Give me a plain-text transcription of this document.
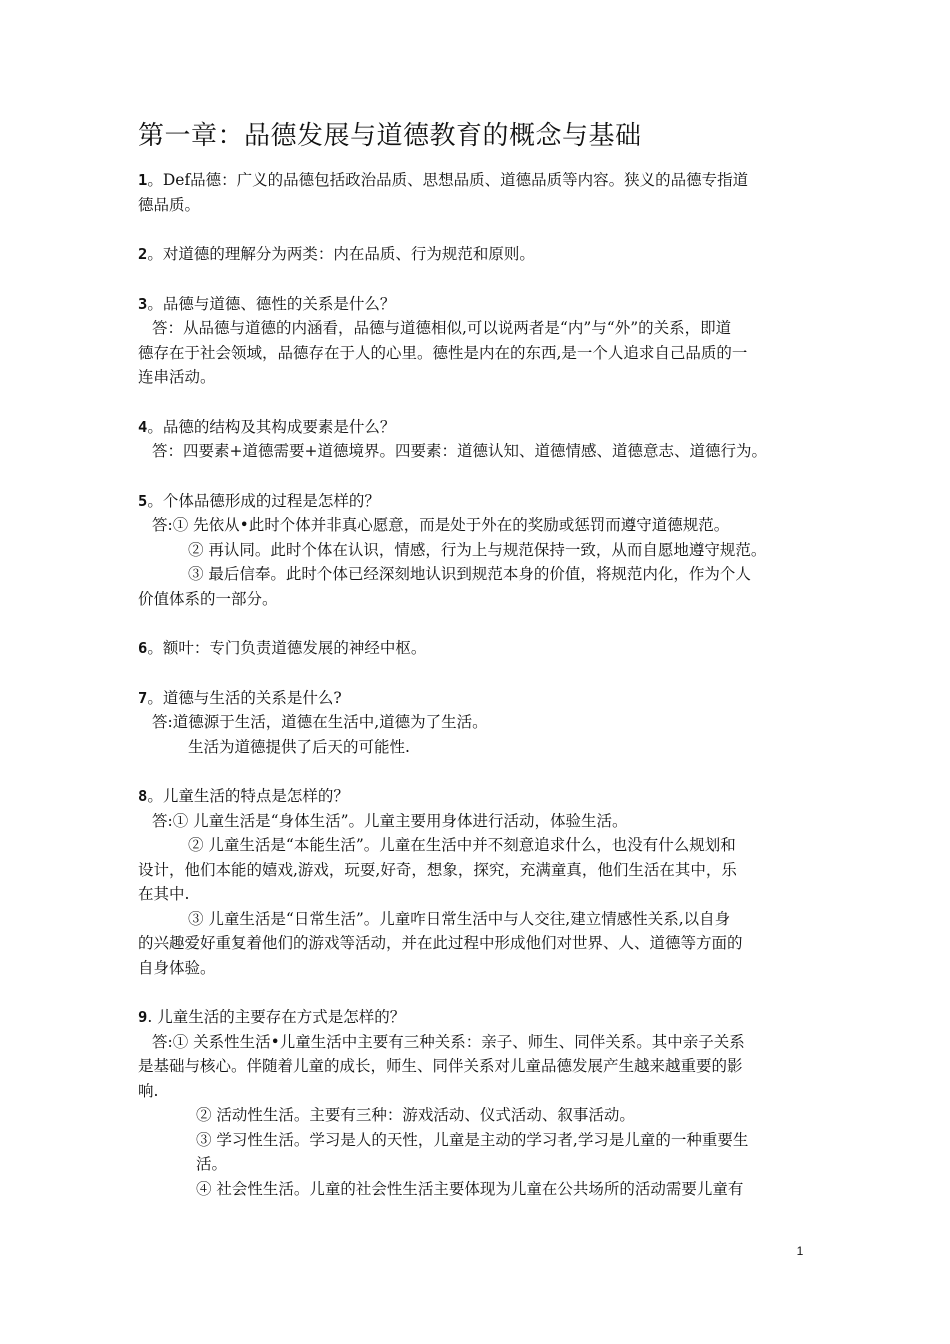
第一章：品德发展与道德教育的概念与基础
1。Def品德：广义的品德包括政治品质、思想品质、道德品质等内容。狭义的品德专指道
德品质。
2。对道德的理解分为两类：内在品质、行为规范和原则。
3。品德与道德、德性的关系是什么？
答：从品德与道德的内涵看，品德与道德相似,可以说两者是“内”与“外”的关系，即道
德存在于社会领域，品德存在于人的心里。德性是内在的东西,是一个人追求自己品质的一
连串活动。
4。品德的结构及其构成要素是什么？
答：四要素+道德需要+道德境界。四要素：道德认知、道德情感、道德意志、道德行为。
5。个体品德形成的过程是怎样的？
答:① 先依从•此时个体并非真心愿意，而是处于外在的奖励或惩罚而遵守道德规范。
② 再认同。此时个体在认识，情感，行为上与规范保持一致，从而自愿地遵守规范。
③ 最后信奉。此时个体已经深刻地认识到规范本身的价值，将规范内化，作为个人
价值体系的一部分。
6。额叶：专门负责道德发展的神经中枢。
7。道德与生活的关系是什么?
答:道德源于生活，道德在生活中,道德为了生活。
生活为道德提供了后天的可能性.
8。儿童生活的特点是怎样的？
答:① 儿童生活是“身体生活”。儿童主要用身体进行活动，体验生活。
② 儿童生活是“本能生活”。儿童在生活中并不刻意追求什么，也没有什么规划和
设计，他们本能的嬉戏,游戏，玩耍,好奇，想象，探究，充满童真，他们生活在其中，乐
在其中.
③ 儿童生活是“日常生活”。儿童咋日常生活中与人交往,建立情感性关系,以自身
的兴趣爱好重复着他们的游戏等活动，并在此过程中形成他们对世界、人、道德等方面的
自身体验。
9. 儿童生活的主要存在方式是怎样的？
答:① 关系性生活•儿童生活中主要有三种关系：亲子、师生、同伴关系。其中亲子关系
是基础与核心。伴随着儿童的成长，师生、同伴关系对儿童品德发展产生越来越重要的影
响.
② 活动性生活。主要有三种：游戏活动、仪式活动、叙事活动。
③ 学习性生活。学习是人的天性，儿童是主动的学习者,学习是儿童的一种重要生
活。
④ 社会性生活。儿童的社会性生活主要体现为儿童在公共场所的活动需要儿童有
1
